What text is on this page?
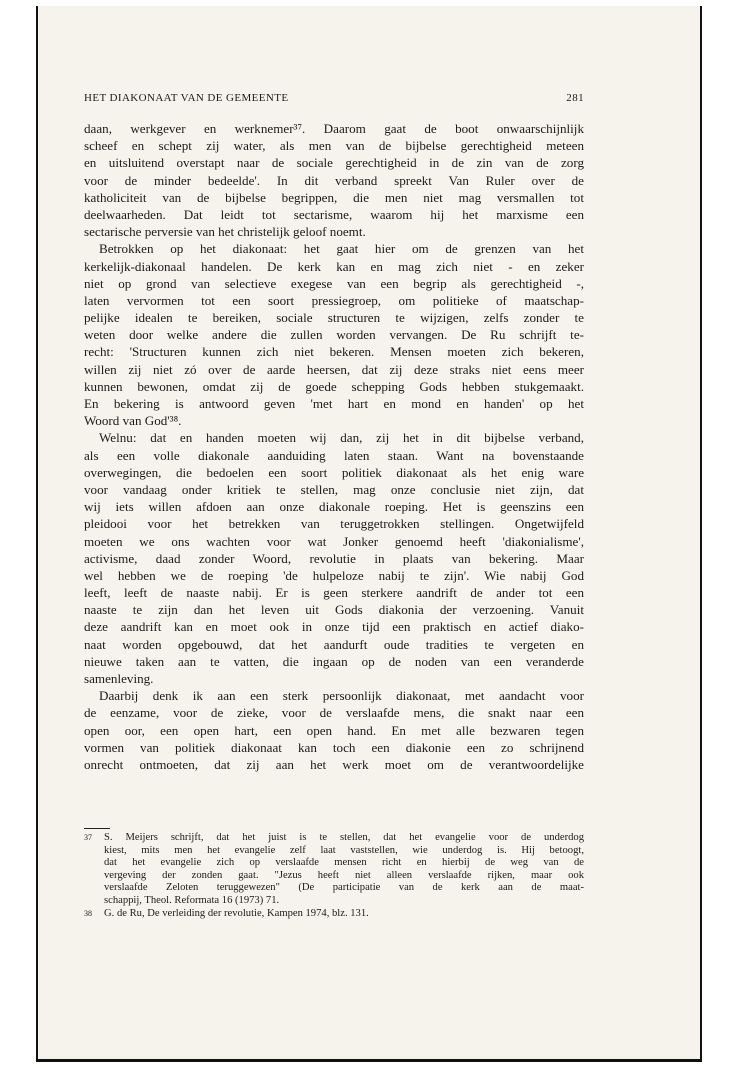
HET DIAKONAAT VAN DE GEMEENTE	281
daan, werkgever en werknemer³⁷. Daarom gaat de boot onwaarschijnlijk
scheef en schept zij water, als men van de bijbelse gerechtigheid meteen
en uitsluitend overstapt naar de sociale gerechtigheid in de zin van de zorg
voor de minder bedeelde'. In dit verband spreekt Van Ruler over de
katholiciteit van de bijbelse begrippen, die men niet mag versmallen tot
deelwaarheden. Dat leidt tot sectarisme, waarom hij het marxisme een
sectarische perversie van het christelijk geloof noemt.
Betrokken op het diakonaat: het gaat hier om de grenzen van het
kerkelijk-diakonaal handelen. De kerk kan en mag zich niet - en zeker
niet op grond van selectieve exegese van een begrip als gerechtigheid -,
laten vervormen tot een soort pressiegroep, om politieke of maatschap-
pelijke idealen te bereiken, sociale structuren te wijzigen, zelfs zonder te
weten door welke andere die zullen worden vervangen. De Ru schrijft te-
recht: 'Structuren kunnen zich niet bekeren. Mensen moeten zich bekeren,
willen zij niet zó over de aarde heersen, dat zij deze straks niet eens meer
kunnen bewonen, omdat zij de goede schepping Gods hebben stukgemaakt.
En bekering is antwoord geven 'met hart en mond en handen' op het
Woord van God'³⁸.
Welnu: dat en handen moeten wij dan, zij het in dit bijbelse verband,
als een volle diakonale aanduiding laten staan. Want na bovenstaande
overwegingen, die bedoelen een soort politiek diakonaat als het enig ware
voor vandaag onder kritiek te stellen, mag onze conclusie niet zijn, dat
wij iets willen afdoen aan onze diakonale roeping. Het is geenszins een
pleidooi voor het betrekken van teruggetrokken stellingen. Ongetwijfeld
moeten we ons wachten voor wat Jonker genoemd heeft 'diakonialisme',
activisme, daad zonder Woord, revolutie in plaats van bekering. Maar
wel hebben we de roeping 'de hulpeloze nabij te zijn'. Wie nabij God
leeft, leeft de naaste nabij. Er is geen sterkere aandrift de ander tot een
naaste te zijn dan het leven uit Gods diakonia der verzoening. Vanuit
deze aandrift kan en moet ook in onze tijd een praktisch en actief diako-
naat worden opgebouwd, dat het aandurft oude tradities te vergeten en
nieuwe taken aan te vatten, die ingaan op de noden van een veranderde
samenleving.
Daarbij denk ik aan een sterk persoonlijk diakonaat, met aandacht voor
de eenzame, voor de zieke, voor de verslaafde mens, die snakt naar een
open oor, een open hart, een open hand. En met alle bezwaren tegen
vormen van politiek diakonaat kan toch een diakonie een zo schrijnend
onrecht ontmoeten, dat zij aan het werk moet om de verantwoordelijke
37 S. Meijers schrijft, dat het juist is te stellen, dat het evangelie voor de underdog
kiest, mits men het evangelie zelf laat vaststellen, wie underdog is. Hij betoogt,
dat het evangelie zich op verslaafde mensen richt en hierbij de weg van de
vergeving der zonden gaat. "Jezus heeft niet alleen verslaafde rijken, maar ook
verslaafde Zeloten teruggewezen" (De participatie van de kerk aan de maat-
schappij, Theol. Reformata 16 (1973) 71.
38 G. de Ru, De verleiding der revolutie, Kampen 1974, blz. 131.
